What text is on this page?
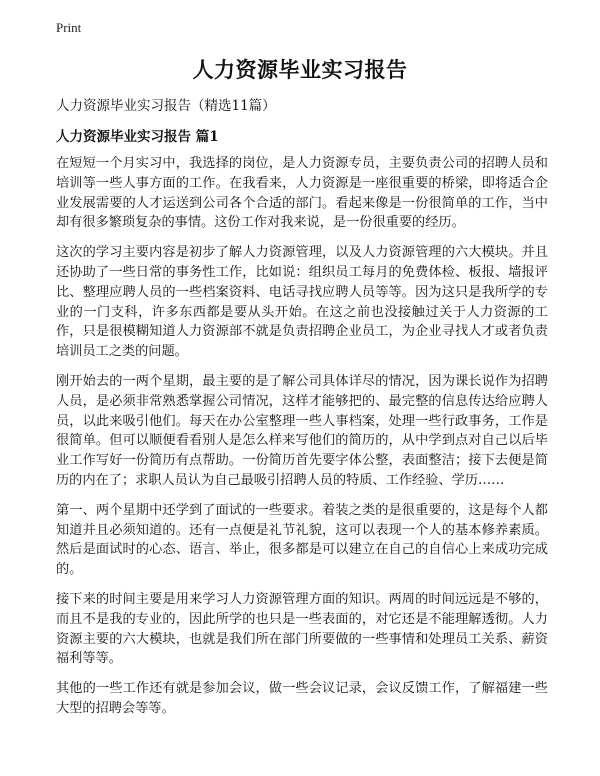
Print
人力资源毕业实习报告

人力资源毕业实习报告（精选11篇）

人力资源毕业实习报告 篇1

在短短一个月实习中，我选择的岗位，是人力资源专员，主要负责公司的招聘人员和培训等一些人事方面的工作。在我看来，人力资源是一座很重要的桥梁，即将适合企业发展需要的人才运送到公司各个合适的部门。看起来像是一份很简单的工作，当中却有很多繁琐复杂的事情。这份工作对我来说，是一份很重要的经历。

这次的学习主要内容是初步了解人力资源管理，以及人力资源管理的六大模块。并且还协助了一些日常的事务性工作，比如说：组织员工每月的免费体检、板报、墙报评比、整理应聘人员的一些档案资料、电话寻找应聘人员等等。因为这只是我所学的专业的一门支科，许多东西都是要从头开始。在这之前也没接触过关于人力资源的工作，只是很模糊知道人力资源部不就是负责招聘企业员工，为企业寻找人才或者负责培训员工之类的问题。

刚开始去的一两个星期，最主要的是了解公司具体详尽的情况，因为课长说作为招聘人员，是必须非常熟悉掌握公司情况，这样才能够把的、最完整的信息传达给应聘人员，以此来吸引他们。每天在办公室整理一些人事档案，处理一些行政事务，工作是很简单。但可以顺便看看别人是怎么样来写他们的简历的，从中学到点对自己以后毕业工作写好一份简历有点帮助。一份简历首先要字体公整，表面整洁；接下去便是简历的内在了；求职人员认为自己最吸引招聘人员的特质、工作经验、学历……

第一、两个星期中还学到了面试的一些要求。着装之类的是很重要的，这是每个人都知道并且必须知道的。还有一点便是礼节礼貌，这可以表现一个人的基本修养素质。然后是面试时的心态、语言、举止，很多都是可以建立在自己的自信心上来成功完成的。

接下来的时间主要是用来学习人力资源管理方面的知识。两周的时间远远是不够的，而且不是我的专业的，因此所学的也只是一些表面的，对它还是不能理解透彻。人力资源主要的六大模块，也就是我们所在部门所要做的一些事情和处理员工关系、薪资福利等等。

其他的一些工作还有就是参加会议，做一些会议记录，会议反馈工作，了解福建一些大型的招聘会等等。
